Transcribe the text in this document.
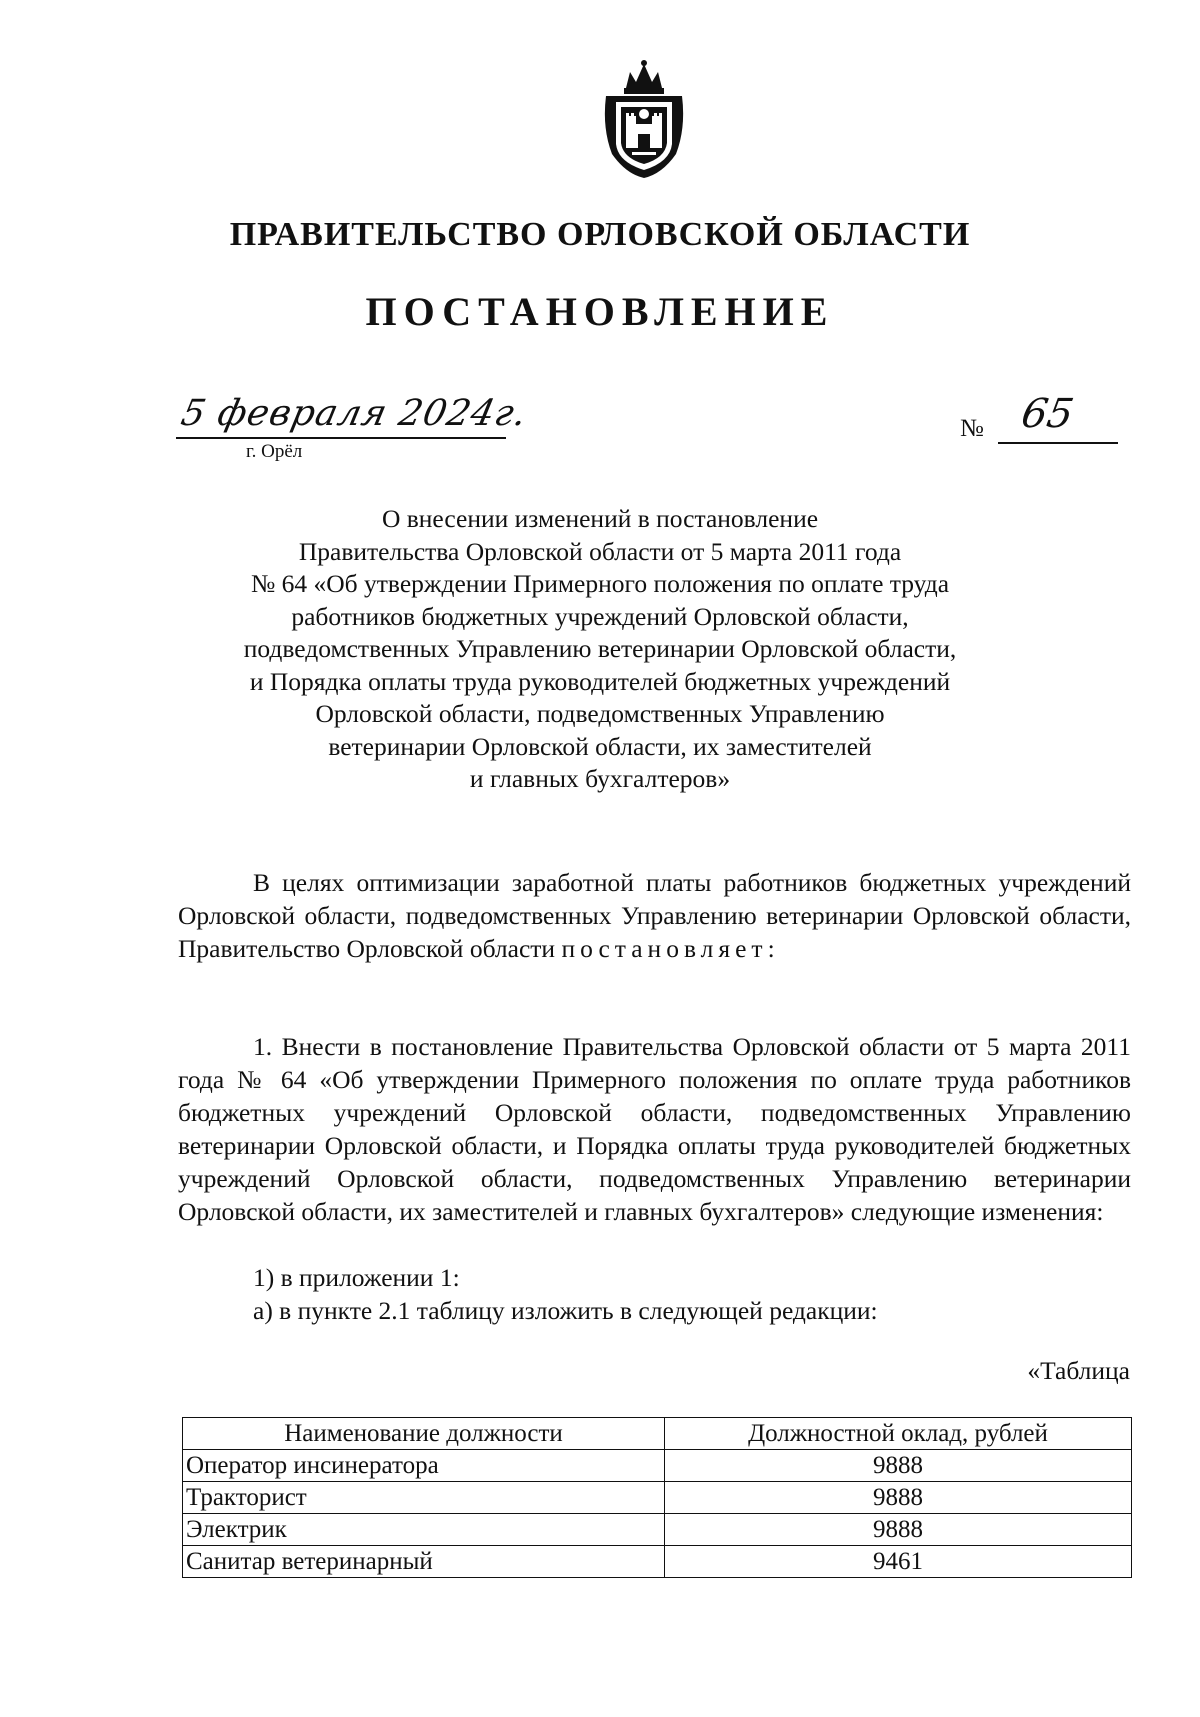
ПРАВИТЕЛЬСТВО ОРЛОВСКОЙ ОБЛАСТИ
ПОСТАНОВЛЕНИЕ
5 февраля 2024г.
г. Орёл
№ 65

О внесении изменений в постановление
Правительства Орловской области от 5 марта 2011 года
№ 64 «Об утверждении Примерного положения по оплате труда
работников бюджетных учреждений Орловской области,
подведомственных Управлению ветеринарии Орловской области,
и Порядка оплаты труда руководителей бюджетных учреждений
Орловской области, подведомственных Управлению
ветеринарии Орловской области, их заместителей
и главных бухгалтеров»

В целях оптимизации заработной платы работников бюджетных учреждений Орловской области, подведомственных Управлению ветеринарии Орловской области, Правительство Орловской области постановляет:

1. Внести в постановление Правительства Орловской области от 5 марта 2011 года № 64 «Об утверждении Примерного положения по оплате труда работников бюджетных учреждений Орловской области, подведомственных Управлению ветеринарии Орловской области, и Порядка оплаты труда руководителей бюджетных учреждений Орловской области, подведомственных Управлению ветеринарии Орловской области, их заместителей и главных бухгалтеров» следующие изменения:

1) в приложении 1:

а) в пункте 2.1 таблицу изложить в следующей редакции:

«Таблица

Наименование должности	Должностной оклад, рублей
Оператор инсинератора	9888
Тракторист	9888
Электрик	9888
Санитар ветеринарный	9461
